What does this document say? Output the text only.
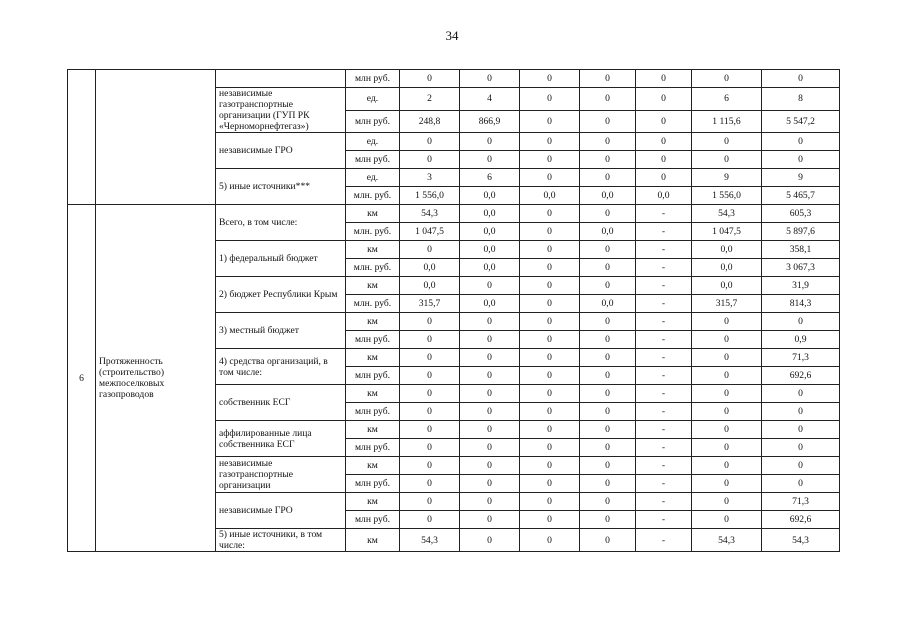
34
			млн руб.	0	0	0	0	0	0	0
		независимые газотранспортные организации (ГУП РК «Черноморнефтегаз»)	ед.	2	4	0	0	0	6	8
			млн руб.	248,8	866,9	0	0	0	1 115,6	5 547,2
		независимые ГРО	ед.	0	0	0	0	0	0	0
			млн руб.	0	0	0	0	0	0	0
		5) иные источники***	ед.	3	6	0	0	0	9	9
			млн. руб.	1 556,0	0,0	0,0	0,0	0,0	1 556,0	5 465,7
6	Протяженность (строительство) межпоселковых газопроводов	Всего, в том числе:	км	54,3	0,0	0	0	-	54,3	605,3
			млн. руб.	1 047,5	0,0	0	0,0	-	1 047,5	5 897,6
		1) федеральный бюджет	км	0	0,0	0	0	-	0,0	358,1
			млн. руб.	0,0	0,0	0	0	-	0,0	3 067,3
		2) бюджет Республики Крым	км	0,0	0	0	0	-	0,0	31,9
			млн. руб.	315,7	0,0	0	0,0	-	315,7	814,3
		3) местный бюджет	км	0	0	0	0	-	0	0
			млн руб.	0	0	0	0	-	0	0,9
		4) средства организаций, в том числе:	км	0	0	0	0	-	0	71,3
			млн руб.	0	0	0	0	-	0	692,6
		собственник ЕСГ	км	0	0	0	0	-	0	0
			млн руб.	0	0	0	0	-	0	0
		аффилированные лица собственника ЕСГ	км	0	0	0	0	-	0	0
			млн руб.	0	0	0	0	-	0	0
		независимые газотранспортные организации	км	0	0	0	0	-	0	0
			млн руб.	0	0	0	0	-	0	0
		независимые ГРО	км	0	0	0	0	-	0	71,3
			млн руб.	0	0	0	0	-	0	692,6
		5) иные источники, в том числе:	км	54,3	0	0	0	-	54,3	54,3
